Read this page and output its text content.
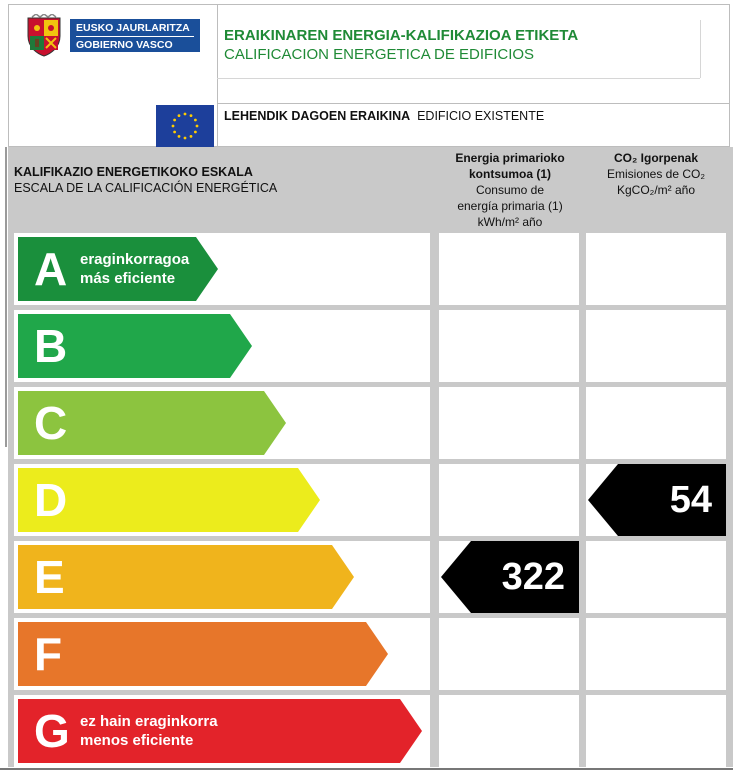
EUSKO JAURLARITZA
GOBIERNO VASCO
ERAIKINAREN ENERGIA-KALIFIKAZIOA ETIKETA
CALIFICACION ENERGETICA DE EDIFICIOS
LEHENDIK DAGOEN ERAIKINA EDIFICIO EXISTENTE
KALIFIKAZIO ENERGETIKOKO ESKALA
ESCALA DE LA CALIFICACIÓN ENERGÉTICA
Energia primarioko
kontsumoa (1)
Consumo de
energía primaria (1)
kWh/m² año
CO₂ Igorpenak
Emisiones de CO₂
KgCO₂/m² año
A eraginkorragoa
más eficiente
B
C
D
E
F
G ez hain eraginkorra
menos eficiente
322
54
